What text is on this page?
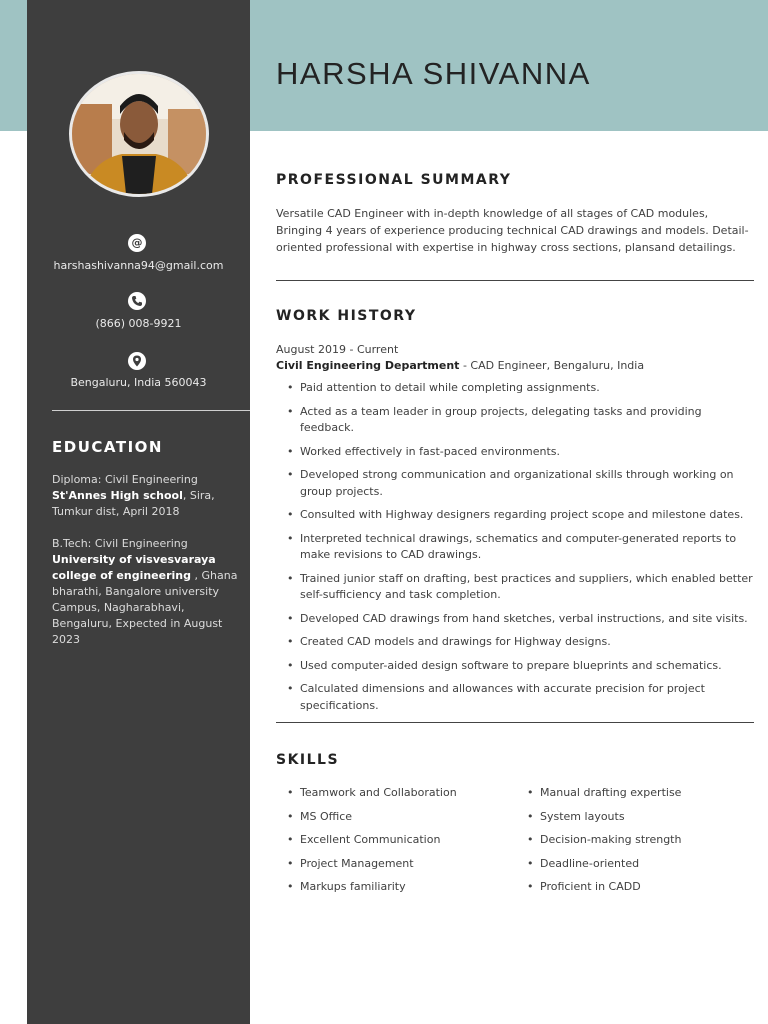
@
harshashivanna94@gmail.com
(866) 008-9921
Bengaluru, India 560043
EDUCATION
Diploma: Civil Engineering
St'Annes High school, Sira, Tumkur dist, April 2018
B.Tech: Civil Engineering
University of visvesvaraya college of engineering , Ghana bharathi, Bangalore university Campus, Nagharabhavi, Bengaluru, Expected in August 2023
HARSHA SHIVANNA
PROFESSIONAL SUMMARY
Versatile CAD Engineer with in-depth knowledge of all stages of CAD modules, Bringing 4 years of experience producing technical CAD drawings and models. Detail-oriented professional with expertise in highway cross sections, plansand detailings.
WORK HISTORY
August 2019 - Current
Civil Engineering Department - CAD Engineer, Bengaluru, India
• Paid attention to detail while completing assignments.
• Acted as a team leader in group projects, delegating tasks and providing feedback.
• Worked effectively in fast-paced environments.
• Developed strong communication and organizational skills through working on group projects.
• Consulted with Highway designers regarding project scope and milestone dates.
• Interpreted technical drawings, schematics and computer-generated reports to make revisions to CAD drawings.
• Trained junior staff on drafting, best practices and suppliers, which enabled better self-sufficiency and task completion.
• Developed CAD drawings from hand sketches, verbal instructions, and site visits.
• Created CAD models and drawings for Highway designs.
• Used computer-aided design software to prepare blueprints and schematics.
• Calculated dimensions and allowances with accurate precision for project specifications.
SKILLS
• Teamwork and Collaboration
• MS Office
• Excellent Communication
• Project Management
• Markups familiarity
• Manual drafting expertise
• System layouts
• Decision-making strength
• Deadline-oriented
• Proficient in CADD
